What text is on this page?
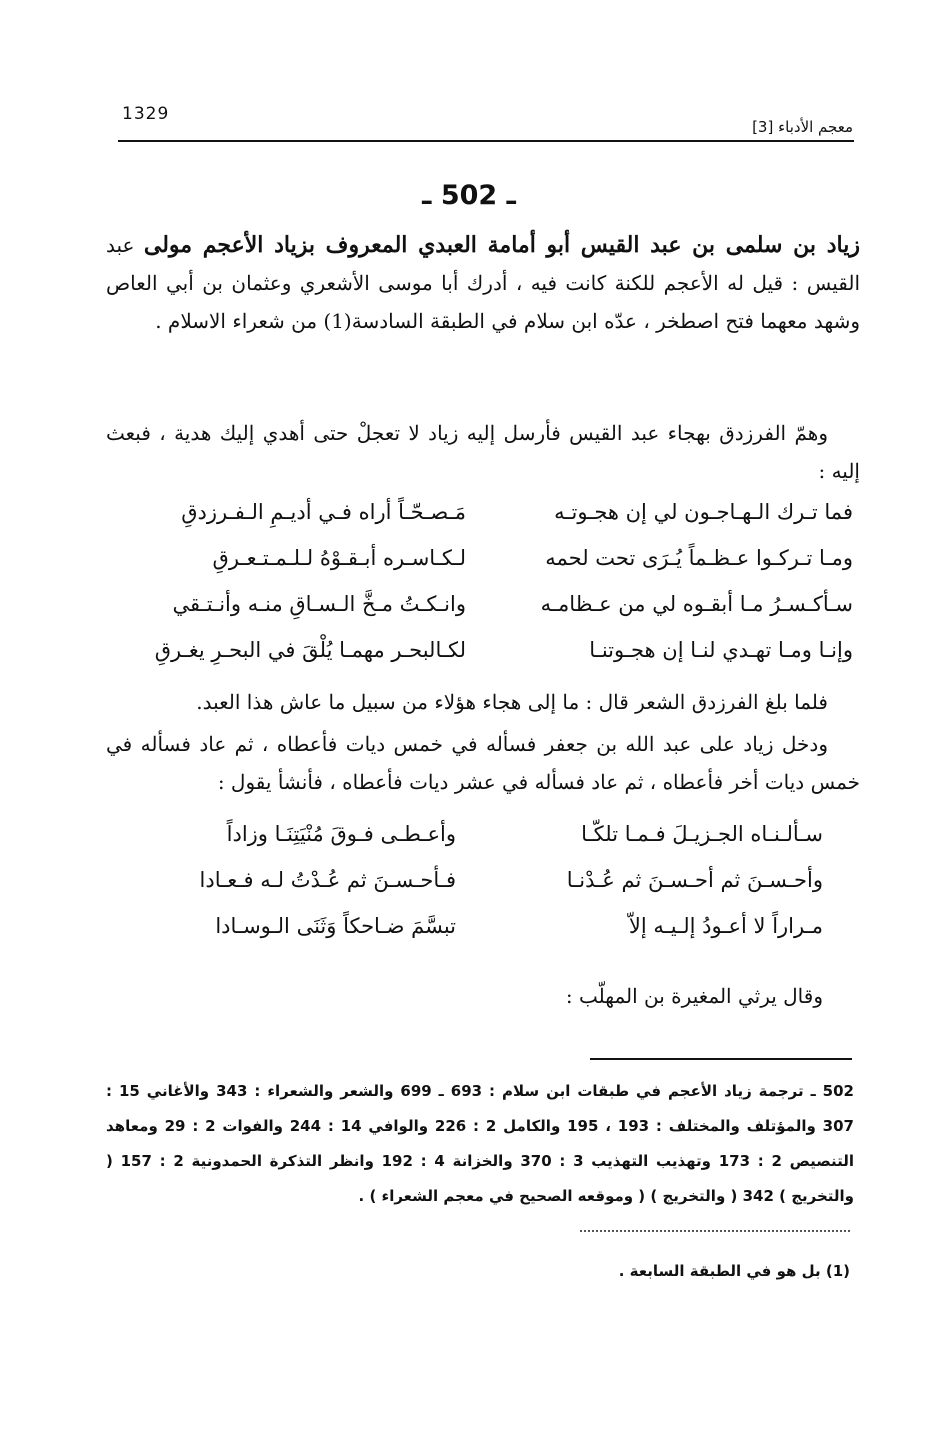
1329
معجم الأدباء [3]
ـ 502 ـ

زياد بن سلمى بن عبد القيس أبو أمامة العبدي المعروف بزياد الأعجم مولى عبد القيس : قيل له الأعجم للكنة كانت فيه ، أدرك أبا موسى الأشعري وعثمان بن أبي العاص وشهد معهما فتح اصطخر ، عدّه ابن سلام في الطبقة السادسة(1) من شعراء الاسلام .

وهمّ الفرزدق بهجاء عبد القيس فأرسل إليه زياد لا تعجلْ حتى أهدي إليك هدية ، فبعث إليه :

فما تـرك الـهـاجـون لي إن هجـوتـه
مَـصـحّـاً أراه فـي أديـمِ الـفـرزدقِ
ومـا تـركـوا عـظـماً يُـرَى تحت لحمه
لـكـاسـره أبـقـوْهُ لـلـمـتـعـرقِ
سـأكـسـرُ مـا أبقـوه لي من عـظامـه
وانـكـتُ مـخَّ الـسـاقِ منـه وأنـتـقي
وإنـا ومـا تهـدي لنـا إن هجـوتنـا
لكـالبحـر مهمـا يُلْقَ في البحـرِ يغـرقِ

فلما بلغ الفرزدق الشعر قال : ما إلى هجاء هؤلاء من سبيل ما عاش هذا العبد.

ودخل زياد على عبد الله بن جعفر فسأله في خمس ديات فأعطاه ، ثم عاد فسأله في خمس ديات أخر فأعطاه ، ثم عاد فسأله في عشر ديات فأعطاه ، فأنشأ يقول :

سـألـنـاه الجـزيـلَ فـمـا تلكّـا
وأعـطـى فـوقَ مُنْيَتِنَـا وزاداً
وأحـسـنَ ثم أحـسـنَ ثم عُـدْنـا
فـأحـسـنَ ثم عُـدْتُ لـه فـعـادا
مـراراً لا أعـودُ إلـيـه إلاّ
تبسَّمَ ضـاحكاً وَثَنَى الـوسـادا
وقال يرثي المغيرة بن المهلّب :
502 ـ ترجمة زياد الأعجم في طبقات ابن سلام : 693 ـ 699 والشعر والشعراء : 343 والأغاني 15 : 307 والمؤتلف والمختلف : 193 ، 195 والكامل 2 : 226 والوافي 14 : 244 والفوات 2 : 29 ومعاهد التنصيص 2 : 173 وتهذيب التهذيب 3 : 370 والخزانة 4 : 192 وانظر التذكرة الحمدونية 2 : 157 ( والتخريج ) 342 ( والتخريج ) ( وموقعه الصحيح في معجم الشعراء ) .
(1) بل هو في الطبقة السابعة .
